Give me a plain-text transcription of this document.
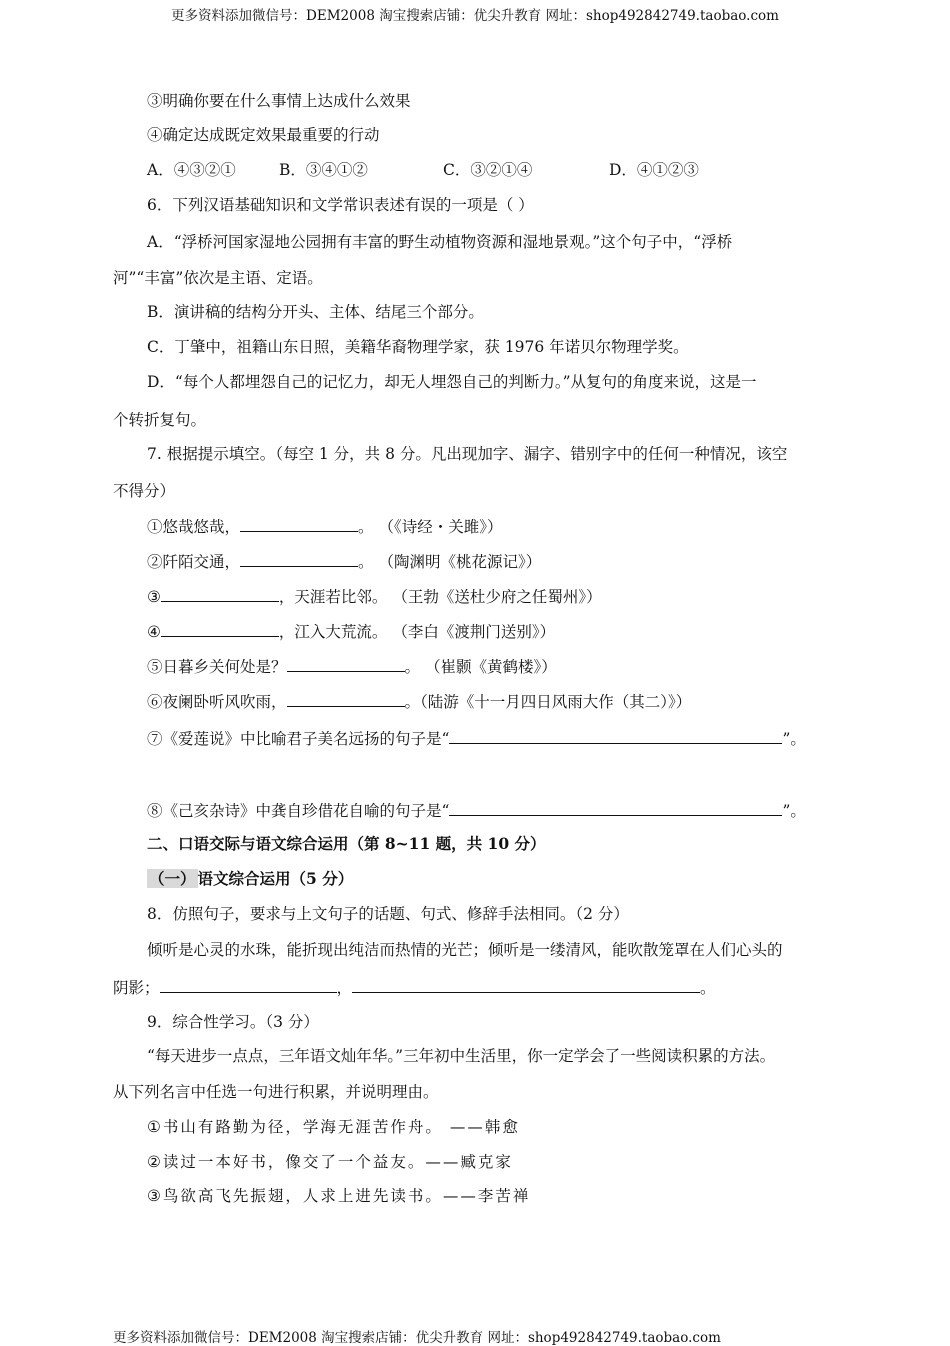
更多资料添加微信号：DEM2008 淘宝搜索店铺：优尖升教育 网址：shop492842749.taobao.com
③明确你要在什么事情上达成什么效果
④确定达成既定效果最重要的行动
A．④③②①	B．③④①②	C．③②①④	D．④①②③
6．下列汉语基础知识和文学常识表述有误的一项是（ ）
A．“浮桥河国家湿地公园拥有丰富的野生动植物资源和湿地景观。”这个句子中，“浮桥
河”“丰富”依次是主语、定语。
B．演讲稿的结构分开头、主体、结尾三个部分。
C．丁肇中，祖籍山东日照，美籍华裔物理学家，获 1976 年诺贝尔物理学奖。
D．“每个人都埋怨自己的记忆力，却无人埋怨自己的判断力。”从复句的角度来说，这是一
个转折复句。
7. 根据提示填空。（每空 1 分，共 8 分。凡出现加字、漏字、错别字中的任何一种情况，该空
不得分）
①悠哉悠哉，	。 （《诗经・关雎》）
②阡陌交通，	。 （陶渊明《桃花源记》）
③	，天涯若比邻。 （王勃《送杜少府之任蜀州》）
④	，江入大荒流。 （李白《渡荆门送别》）
⑤日暮乡关何处是？	。 （崔颢《黄鹤楼》）
⑥夜阑卧听风吹雨，	。（陆游《十一月四日风雨大作（其二）》）
⑦《爱莲说》中比喻君子美名远扬的句子是“	”。
⑧《己亥杂诗》中龚自珍借花自喻的句子是“	”。
二、口语交际与语文综合运用（第 8~11 题，共 10 分）
（一） 语文综合运用（5 分）
8．仿照句子，要求与上文句子的话题、句式、修辞手法相同。（2 分）
倾听是心灵的水珠，能折现出纯洁而热情的光芒；倾听是一缕清风，能吹散笼罩在人们心头的
阴影；	，	。
9．综合性学习。（3 分）
“每天进步一点点，三年语文灿年华。”三年初中生活里，你一定学会了一些阅读积累的方法。
从下列名言中任选一句进行积累，并说明理由。
①书山有路勤为径，学海无涯苦作舟。 ——韩愈
②读过一本好书，像交了一个益友。——臧克家
③鸟欲高飞先振翅，人求上进先读书。——李苦禅
更多资料添加微信号：DEM2008 淘宝搜索店铺：优尖升教育 网址：shop492842749.taobao.com
